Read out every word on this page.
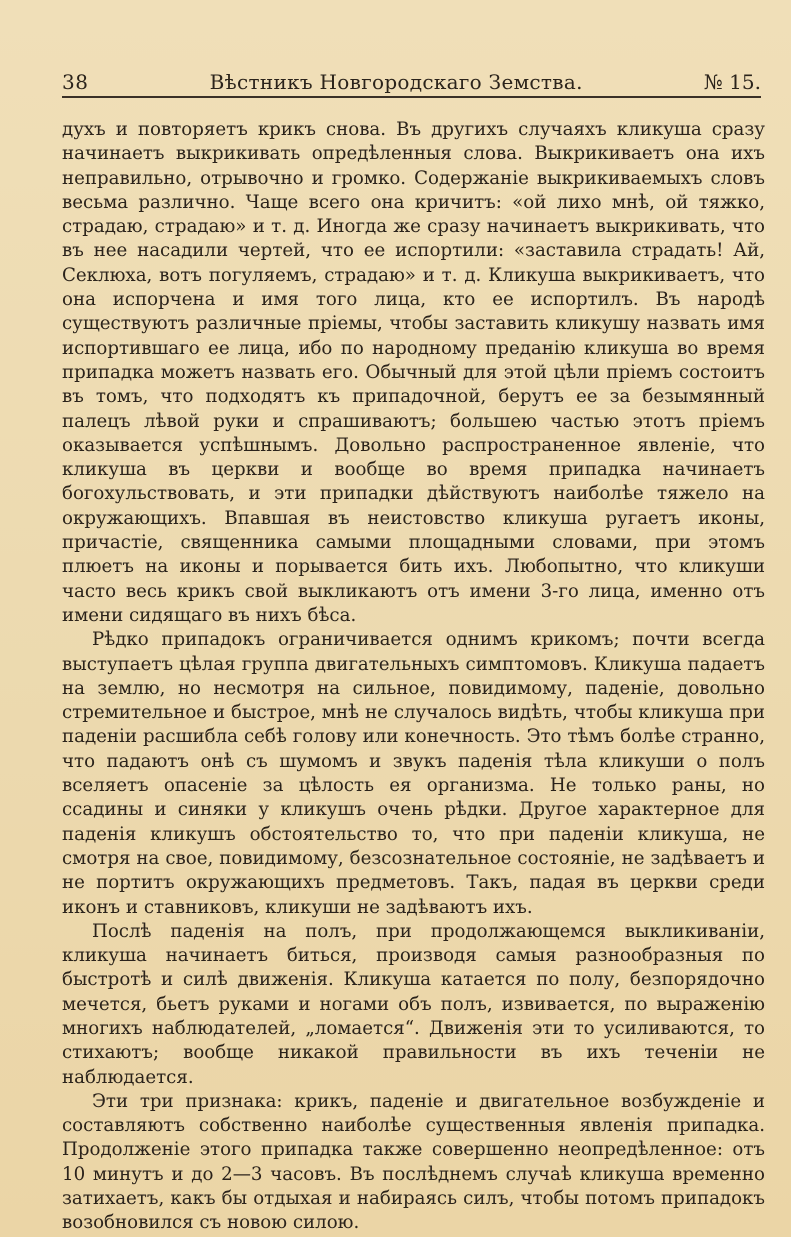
38	Вѣстникъ Новгородскаго Земства.	№ 15.

духъ и повторяетъ крикъ снова. Въ другихъ случаяхъ кликуша сразу начинаетъ выкрикивать опредѣленныя слова. Выкрикиваетъ она ихъ неправильно, отрывочно и громко. Содержаніе выкрикиваемыхъ словъ весьма различно. Чаще всего она кричитъ: «ой лихо мнѣ, ой тяжко, страдаю, страдаю» и т. д. Иногда же сразу начинаетъ выкрикивать, что въ нее насадили чертей, что ее испортили: «заставила страдать! Ай, Секлюха, вотъ погуляемъ, страдаю» и т. д. Кликуша выкрикиваетъ, что она испорчена и имя того лица, кто ее испортилъ. Въ народѣ существуютъ различные пріемы, чтобы заставить кликушу назвать имя испортившаго ее лица, ибо по народному преданію кликуша во время припадка можетъ назвать его. Обычный для этой цѣли пріемъ состоитъ въ томъ, что подходятъ къ припадочной, берутъ ее за безымянный палецъ лѣвой руки и спрашиваютъ; большею частью этотъ пріемъ оказывается успѣшнымъ. Довольно распространенное явленіе, что кликуша въ церкви и вообще во время припадка начинаетъ богохульствовать, и эти припадки дѣйствуютъ наиболѣе тяжело на окружающихъ. Впавшая въ неистовство кликуша ругаетъ иконы, причастіе, священника самыми площадными словами, при этомъ плюетъ на иконы и порывается бить ихъ. Любопытно, что кликуши часто весь крикъ свой выкликаютъ отъ имени 3-го лица, именно отъ имени сидящаго въ нихъ бѣса.

Рѣдко припадокъ ограничивается однимъ крикомъ; почти всегда выступаетъ цѣлая группа двигательныхъ симптомовъ. Кликуша падаетъ на землю, но несмотря на сильное, повидимому, паденіе, довольно стремительное и быстрое, мнѣ не случалось видѣть, чтобы кликуша при паденіи расшибла себѣ голову или конечность. Это тѣмъ болѣе странно, что падаютъ онѣ съ шумомъ и звукъ паденія тѣла кликуши о полъ вселяетъ опасеніе за цѣлость ея организма. Не только раны, но ссадины и синяки у кликушъ очень рѣдки. Другое характерное для паденія кликушъ обстоятельство то, что при паденіи кликуша, не смотря на свое, повидимому, безсознательное состояніе, не задѣваетъ и не портитъ окружающихъ предметовъ. Такъ, падая въ церкви среди иконъ и ставниковъ, кликуши не задѣваютъ ихъ.

Послѣ паденія на полъ, при продолжающемся выкликиваніи, кликуша начинаетъ биться, производя самыя разнообразныя по быстротѣ и силѣ движенія. Кликуша катается по полу, безпорядочно мечется, бьетъ руками и ногами объ полъ, извивается, по выраженію многихъ наблюдателей, „ломается“. Движенія эти то усиливаются, то стихаютъ; вообще никакой правильности въ ихъ теченіи не наблюдается.

Эти три признака: крикъ, паденіе и двигательное возбужденіе и составляютъ собственно наиболѣе существенныя явленія припадка. Продолженіе этого припадка также совершенно неопредѣленное: отъ 10 минутъ и до 2—3 часовъ. Въ послѣднемъ случаѣ кликуша временно затихаетъ, какъ бы отдыхая и набираясь силъ, чтобы потомъ припадокъ возобновился съ новою силою.
